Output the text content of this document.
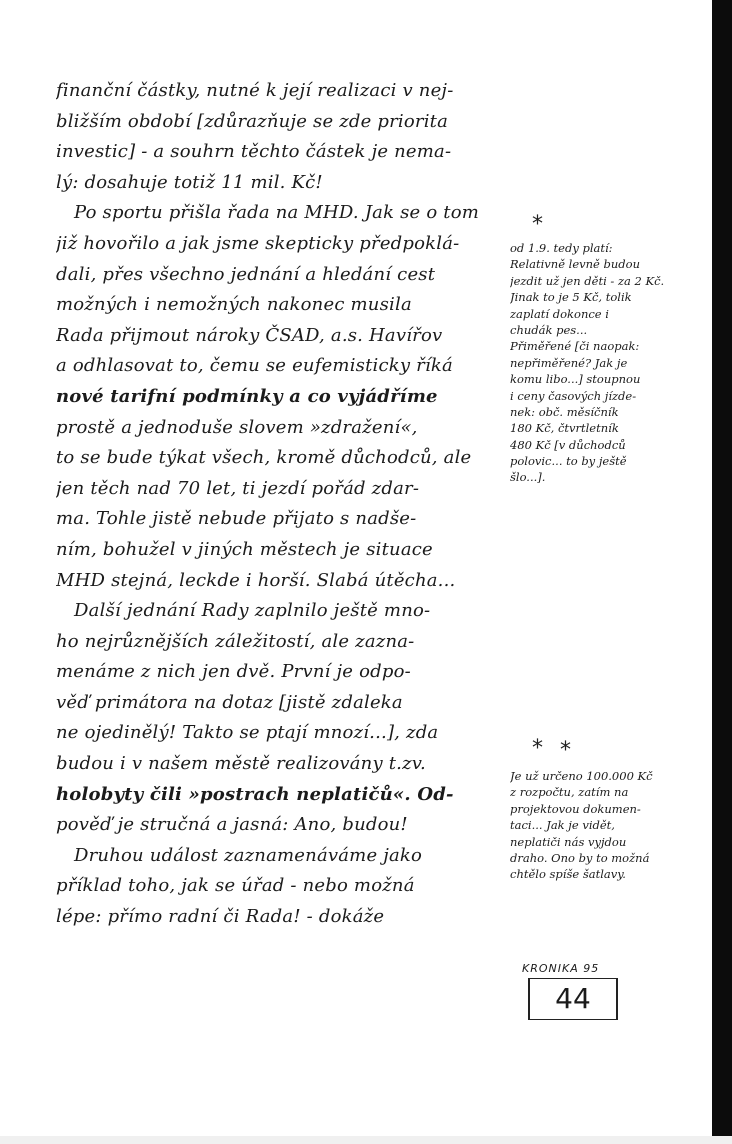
finanční částky, nutné k její realizaci v nej-
bližším období [zdůrazňuje se zde priorita
investic] - a souhrn těchto částek je nema-
lý: dosahuje totiž 11 mil. Kč!
Po sportu přišla řada na MHD. Jak se o tom
již hovořilo a jak jsme skepticky předpoklá-
dali, přes všechno jednání a hledání cest
možných i nemožných nakonec musila
Rada přijmout nároky ČSAD, a.s. Havířov
a odhlasovat to, čemu se eufemisticky říká
nové tarifní podmínky a co vyjádříme
prostě a jednoduše slovem »zdražení«,
to se bude týkat všech, kromě důchodců, ale
jen těch nad 70 let, ti jezdí pořád zdar-
ma. Tohle jistě nebude přijato s nadše-
ním, bohužel v jiných městech je situace
MHD stejná, leckde i horší. Slabá útěcha...
Další jednání Rady zaplnilo ještě mno-
ho nejrůznějších záležitostí, ale zazna-
menáme z nich jen dvě. První je odpo-
věď primátora na dotaz [jistě zdaleka
ne ojedinělý! Takto se ptají mnozí...], zda
budou i v našem městě realizovány t.zv.
holobyty čili »postrach neplatičů«. Od-
pověď je stručná a jasná: Ano, budou!
Druhou událost zaznamenáváme jako
příklad toho, jak se úřad - nebo možná
lépe: přímo radní či Rada! - dokáže
*
od 1.9. tedy platí:
Relativně levně budou
jezdit už jen děti - za 2 Kč.
Jinak to je 5 Kč, tolik
zaplatí dokonce i
chudák pes...
Přiměřené [či naopak:
nepřiměřené? Jak je
komu libo...] stoupnou
i ceny časových jízde-
nek: obč. měsíčník
180 Kč, čtvrtletník
480 Kč [v důchodců
polovic... to by ještě
šlo...].
* *
Je už určeno 100.000 Kč
z rozpočtu, zatím na
projektovou dokumen-
taci... Jak je vidět,
neplatiči nás vyjdou
draho. Ono by to možná
chtělo spíše šatlavy.
KRONIKA 95
44
